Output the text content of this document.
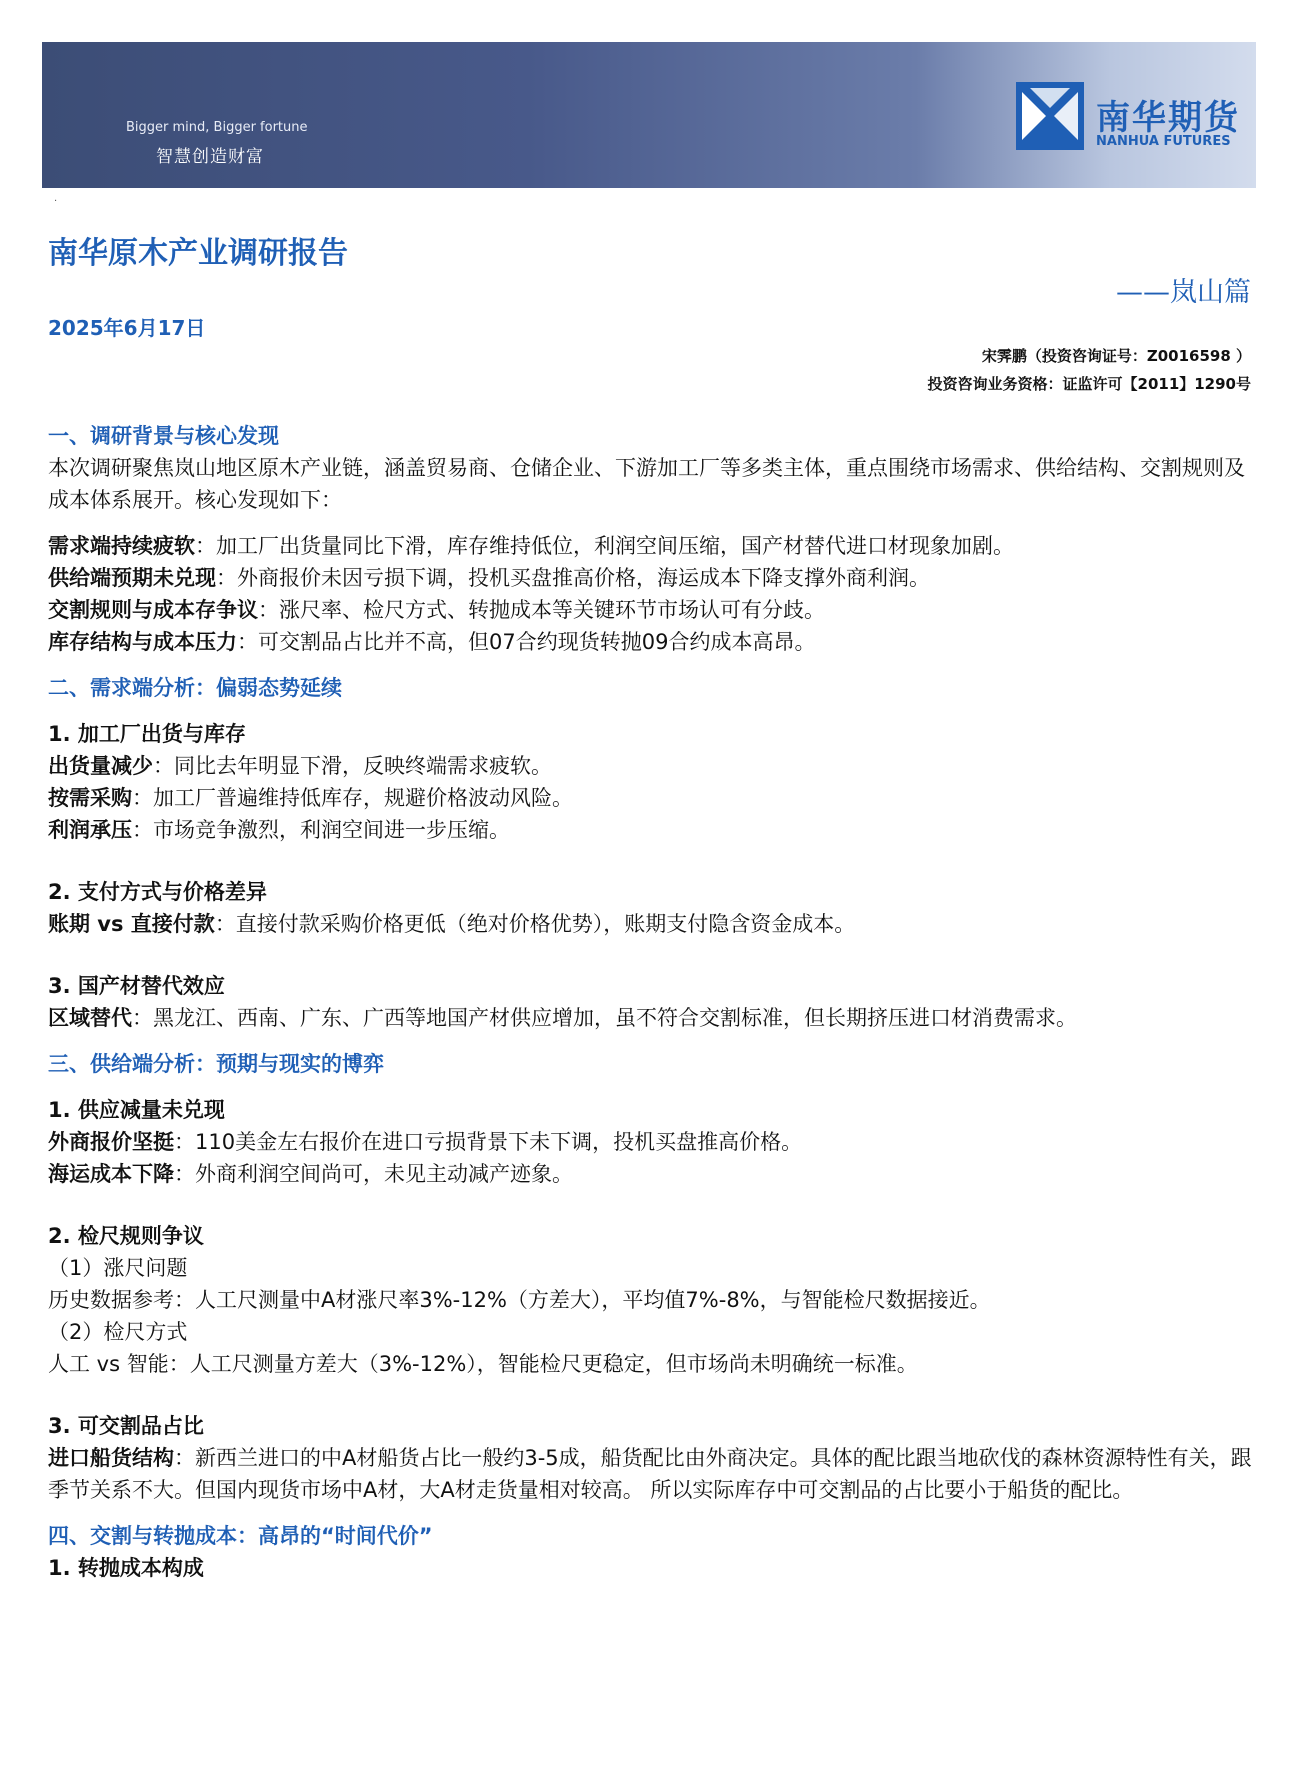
Bigger mind, Bigger fortune
智慧创造财富
南华期货
NANHUA FUTURES
·
南华原木产业调研报告
——岚山篇
2025年6月17日
宋霁鹏（投资咨询证号：Z0016598 ）
投资咨询业务资格：证监许可【2011】1290号

一、调研背景与核心发现

本次调研聚焦岚山地区原木产业链，涵盖贸易商、仓储企业、下游加工厂等多类主体，重点围绕市场需求、供给结构、交割规则及成本体系展开。核心发现如下：

需求端持续疲软：加工厂出货量同比下滑，库存维持低位，利润空间压缩，国产材替代进口材现象加剧。

供给端预期未兑现：外商报价未因亏损下调，投机买盘推高价格，海运成本下降支撑外商利润。

交割规则与成本存争议：涨尺率、检尺方式、转抛成本等关键环节市场认可有分歧。

库存结构与成本压力：可交割品占比并不高，但07合约现货转抛09合约成本高昂。

二、需求端分析：偏弱态势延续

1. 加工厂出货与库存

出货量减少：同比去年明显下滑，反映终端需求疲软。

按需采购：加工厂普遍维持低库存，规避价格波动风险。

利润承压：市场竞争激烈，利润空间进一步压缩。

2. 支付方式与价格差异

账期 vs 直接付款：直接付款采购价格更低（绝对价格优势），账期支付隐含资金成本。

3. 国产材替代效应

区域替代：黑龙江、西南、广东、广西等地国产材供应增加，虽不符合交割标准，但长期挤压进口材消费需求。

三、供给端分析：预期与现实的博弈

1. 供应减量未兑现

外商报价坚挺：110美金左右报价在进口亏损背景下未下调，投机买盘推高价格。

海运成本下降：外商利润空间尚可，未见主动减产迹象。

2. 检尺规则争议

（1）涨尺问题

历史数据参考：人工尺测量中A材涨尺率3%-12%（方差大），平均值7%-8%，与智能检尺数据接近。

（2）检尺方式

人工 vs 智能：人工尺测量方差大（3%-12%），智能检尺更稳定，但市场尚未明确统一标准。

3. 可交割品占比

进口船货结构：新西兰进口的中A材船货占比一般约3-5成，船货配比由外商决定。具体的配比跟当地砍伐的森林资源特性有关，跟季节关系不大。但国内现货市场中A材，大A材走货量相对较高。 所以实际库存中可交割品的占比要小于船货的配比。

四、交割与转抛成本：高昂的“时间代价”

1. 转抛成本构成
